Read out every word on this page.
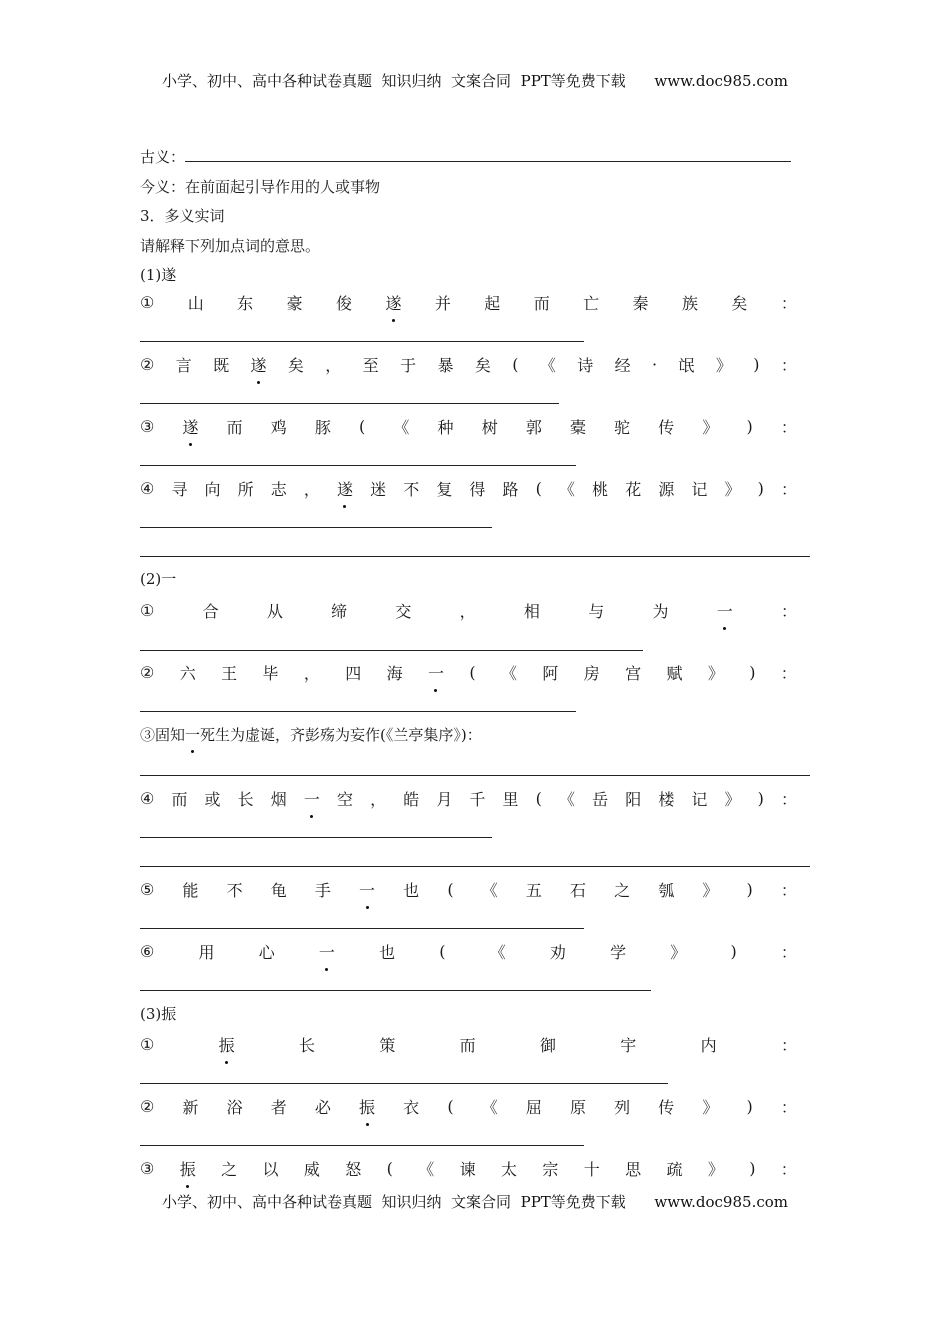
小学、初中、高中各种试卷真题  知识归纳  文案合同  PPT等免费下载      www.doc985.com
古义：
今义：在前面起引导作用的人或事物
3．多义实词
请解释下列加点词的意思。
(1)遂
① 山 东 豪 俊 遂 并 起 而 亡 秦 族 矣 ：
② 言 既 遂 矣 ， 至 于 暴 矣 ( 《 诗 经 · 氓 》 ) ：
③ 遂 而 鸡 豚 ( 《 种 树 郭 橐 驼 传 》 ) ：
④ 寻 向 所 志 ， 遂 迷 不 复 得 路 ( 《 桃 花 源 记 》 ) ：
(2)一
①	合	从	缔	交	，	相	与	为	一	：
② 六 王 毕 ， 四 海 一 ( 《 阿 房 宫 赋 》 ) ：
③固知一死生为虚诞，齐彭殇为妄作(《兰亭集序》)：
④ 而 或 长 烟 一 空 ， 皓 月 千 里 ( 《 岳 阳 楼 记 》 ) ：
⑤ 能 不 龟 手 一 也 ( 《 五 石 之 瓠 》 ) ：
⑥	用	心	一	也	(	《	劝	学	》	)	：
(3)振
①	振	长	策	而	御	宇	内	：
② 新 浴 者 必 振 衣 ( 《 屈 原 列 传 》 ) ：
③ 振 之 以 威 怒 ( 《 谏 太 宗 十 思 疏 》 ) ：
小学、初中、高中各种试卷真题  知识归纳  文案合同  PPT等免费下载      www.doc985.com
